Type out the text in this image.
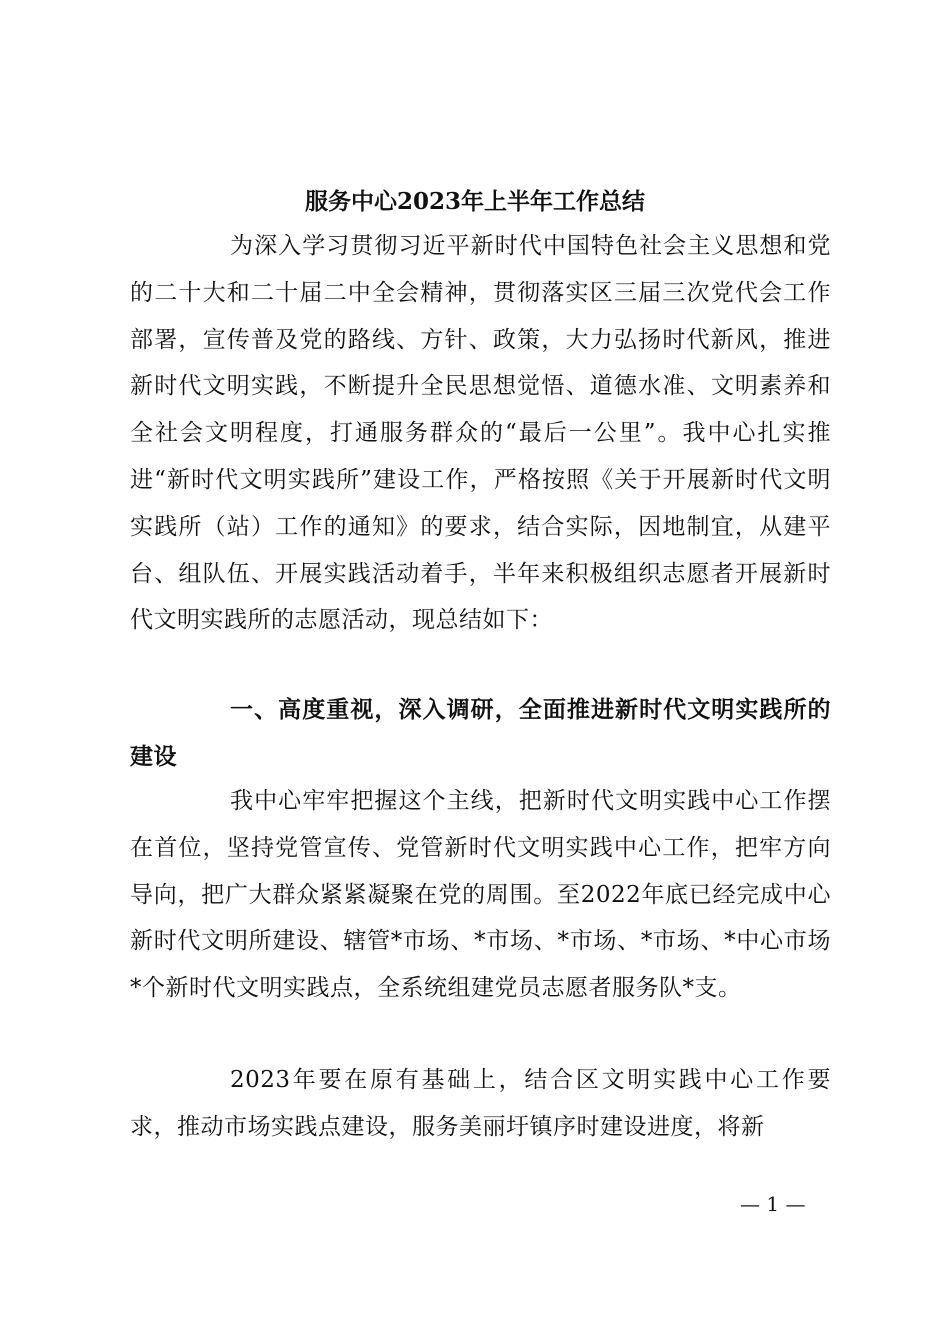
服务中心2023年上半年工作总结

为深入学习贯彻习近平新时代中国特色社会主义思想和党的二十大和二十届二中全会精神，贯彻落实区三届三次党代会工作部署，宣传普及党的路线、方针、政策，大力弘扬时代新风，推进新时代文明实践，不断提升全民思想觉悟、道德水准、文明素养和全社会文明程度，打通服务群众的“最后一公里”。我中心扎实推进“新时代文明实践所”建设工作，严格按照《关于开展新时代文明实践所（站）工作的通知》的要求，结合实际，因地制宜，从建平台、组队伍、开展实践活动着手，半年来积极组织志愿者开展新时代文明实践所的志愿活动，现总结如下：

一、高度重视，深入调研，全面推进新时代文明实践所的建设

我中心牢牢把握这个主线，把新时代文明实践中心工作摆在首位，坚持党管宣传、党管新时代文明实践中心工作，把牢方向导向，把广大群众紧紧凝聚在党的周围。至2022年底已经完成中心新时代文明所建设、辖管*市场、*市场、*市场、*市场、*中心市场*个新时代文明实践点，全系统组建党员志愿者服务队*支。

2023年要在原有基础上，结合区文明实践中心工作要求，推动市场实践点建设，服务美丽圩镇序时建设进度，将新

— 1 —
